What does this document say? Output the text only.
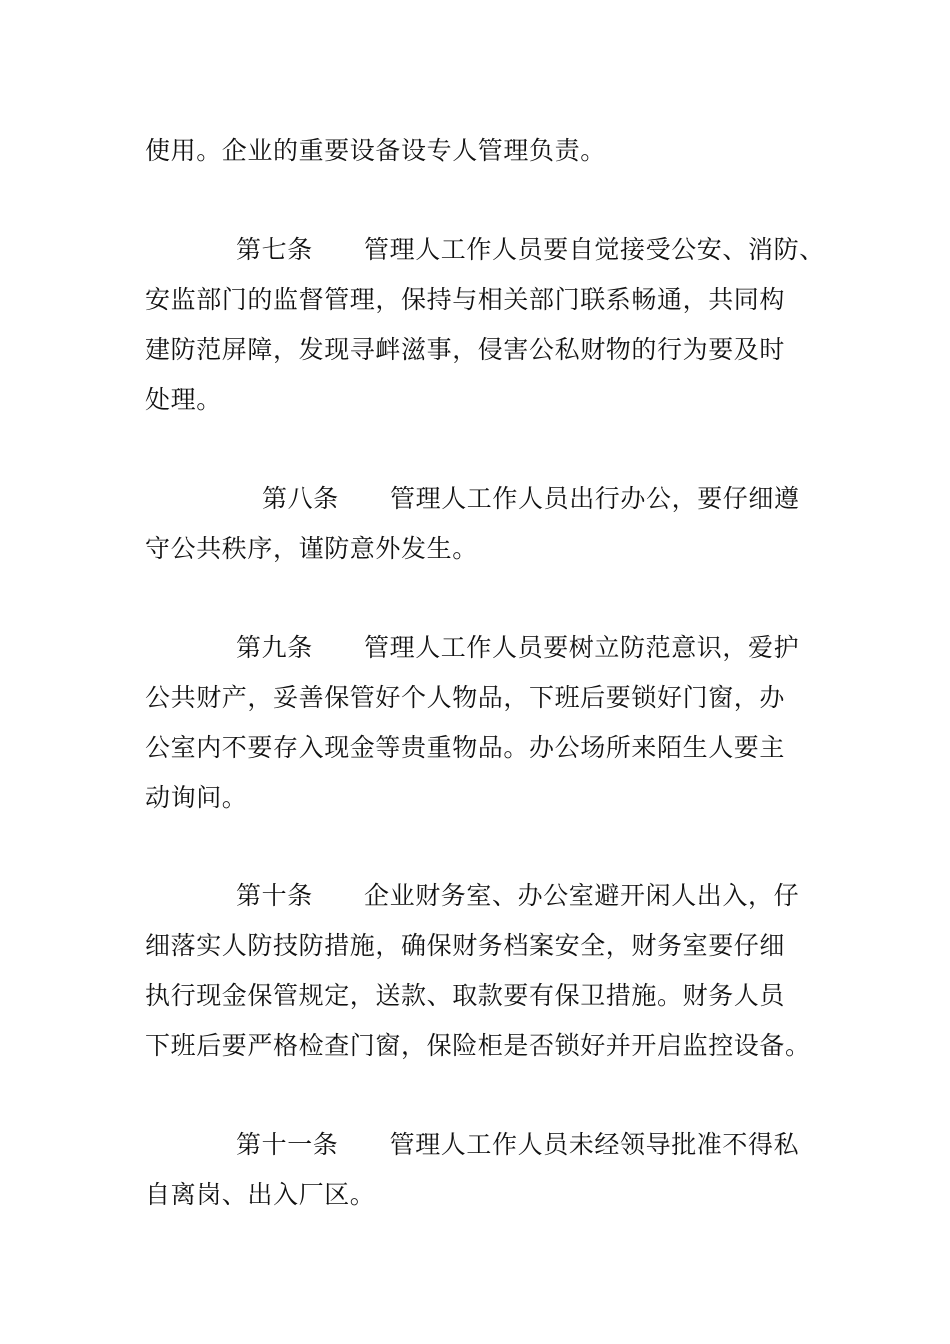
使用。企业的重要设备设专人管理负责。
第七条　　管理人工作人员要自觉接受公安、消防、
安监部门的监督管理，保持与相关部门联系畅通，共同构
建防范屏障，发现寻衅滋事，侵害公私财物的行为要及时
处理。
第八条　　管理人工作人员出行办公，要仔细遵
守公共秩序，谨防意外发生。
第九条　　管理人工作人员要树立防范意识，爱护
公共财产，妥善保管好个人物品，下班后要锁好门窗，办
公室内不要存入现金等贵重物品。办公场所来陌生人要主
动询问。
第十条　　企业财务室、办公室避开闲人出入，仔
细落实人防技防措施，确保财务档案安全，财务室要仔细
执行现金保管规定，送款、取款要有保卫措施。财务人员
下班后要严格检查门窗，保险柜是否锁好并开启监控设备。
第十一条　　管理人工作人员未经领导批准不得私
自离岗、出入厂区。
